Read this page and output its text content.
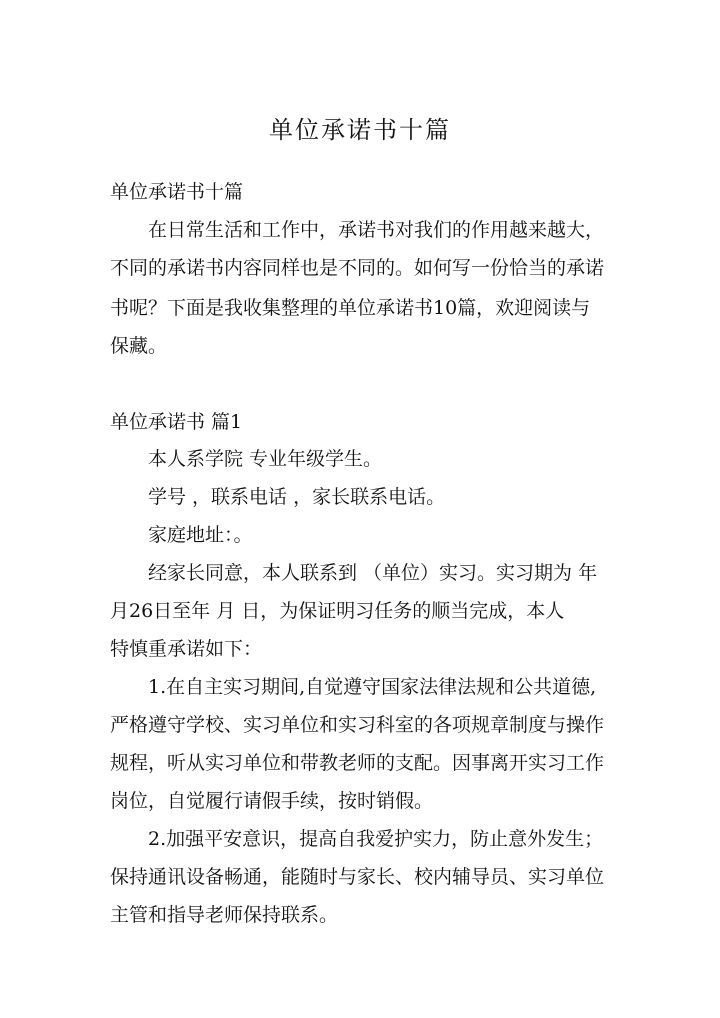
单位承诺书十篇

单位承诺书十篇

在日常生活和工作中，承诺书对我们的作用越来越大，

不同的承诺书内容同样也是不同的。如何写一份恰当的承诺

书呢？下面是我收集整理的单位承诺书10篇，欢迎阅读与

保藏。

单位承诺书 篇1

本人系学院 专业年级学生。

学号 ，联系电话 ，家长联系电话。

家庭地址：。

经家长同意，本人联系到 （单位）实习。实习期为 年

月26日至年 月 日，为保证明习任务的顺当完成，本人

特慎重承诺如下：

1.在自主实习期间,自觉遵守国家法律法规和公共道德,

严格遵守学校、实习单位和实习科室的各项规章制度与操作

规程，听从实习单位和带教老师的支配。因事离开实习工作

岗位，自觉履行请假手续，按时销假。

2.加强平安意识，提高自我爱护实力，防止意外发生；

保持通讯设备畅通，能随时与家长、校内辅导员、实习单位

主管和指导老师保持联系。
